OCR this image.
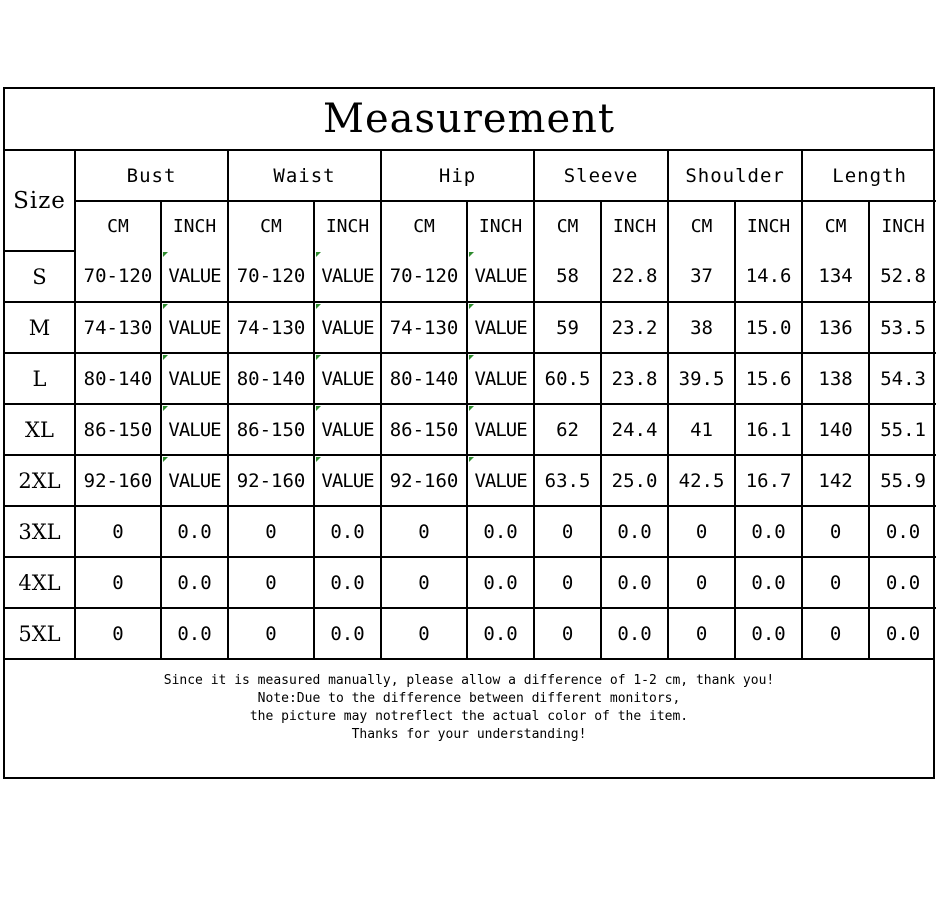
Measurement
Size	Bust		Waist		Hip		Sleeve		Shoulder		Length	
	CM	INCH	CM	INCH	CM	INCH	CM	INCH	CM	INCH	CM	INCH
S	70-120	VALUE	70-120	VALUE	70-120	VALUE	58	22.8	37	14.6	134	52.8
M	74-130	VALUE	74-130	VALUE	74-130	VALUE	59	23.2	38	15.0	136	53.5
L	80-140	VALUE	80-140	VALUE	80-140	VALUE	60.5	23.8	39.5	15.6	138	54.3
XL	86-150	VALUE	86-150	VALUE	86-150	VALUE	62	24.4	41	16.1	140	55.1
2XL	92-160	VALUE	92-160	VALUE	92-160	VALUE	63.5	25.0	42.5	16.7	142	55.9
3XL	0	0.0	0	0.0	0	0.0	0	0.0	0	0.0	0	0.0
4XL	0	0.0	0	0.0	0	0.0	0	0.0	0	0.0	0	0.0
5XL	0	0.0	0	0.0	0	0.0	0	0.0	0	0.0	0	0.0
Since it is measured manually, please allow a difference of 1-2 cm, thank you!
Note:Due to the difference between different monitors,
the picture may notreflect the actual color of the item.
Thanks for your understanding!
